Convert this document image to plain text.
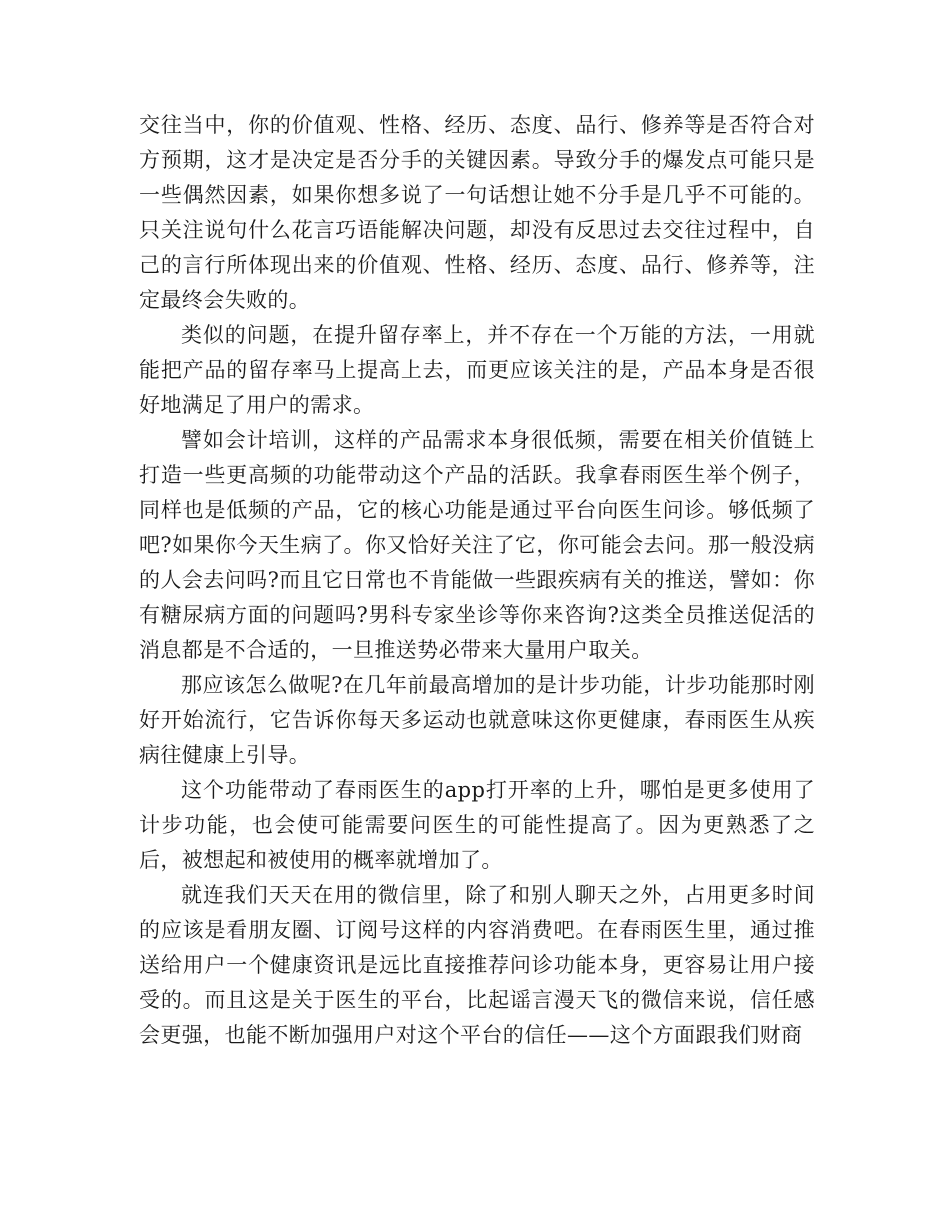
交往当中，你的价值观、性格、经历、态度、品行、修养等是否符合对方预期，这才是决定是否分手的关键因素。导致分手的爆发点可能只是一些偶然因素，如果你想多说了一句话想让她不分手是几乎不可能的。只关注说句什么花言巧语能解决问题，却没有反思过去交往过程中，自己的言行所体现出来的价值观、性格、经历、态度、品行、修养等，注定最终会失败的。

类似的问题，在提升留存率上，并不存在一个万能的方法，一用就能把产品的留存率马上提高上去，而更应该关注的是，产品本身是否很好地满足了用户的需求。

譬如会计培训，这样的产品需求本身很低频，需要在相关价值链上打造一些更高频的功能带动这个产品的活跃。我拿春雨医生举个例子，同样也是低频的产品，它的核心功能是通过平台向医生问诊。够低频了吧?如果你今天生病了。你又恰好关注了它，你可能会去问。那一般没病的人会去问吗?而且它日常也不肯能做一些跟疾病有关的推送，譬如：你有糖尿病方面的问题吗?男科专家坐诊等你来咨询?这类全员推送促活的消息都是不合适的，一旦推送势必带来大量用户取关。

那应该怎么做呢?在几年前最高增加的是计步功能，计步功能那时刚好开始流行，它告诉你每天多运动也就意味这你更健康，春雨医生从疾病往健康上引导。

这个功能带动了春雨医生的app打开率的上升，哪怕是更多使用了计步功能，也会使可能需要问医生的可能性提高了。因为更熟悉了之后，被想起和被使用的概率就增加了。

就连我们天天在用的微信里，除了和别人聊天之外，占用更多时间的应该是看朋友圈、订阅号这样的内容消费吧。在春雨医生里，通过推送给用户一个健康资讯是远比直接推荐问诊功能本身，更容易让用户接受的。而且这是关于医生的平台，比起谣言漫天飞的微信来说，信任感会更强，也能不断加强用户对这个平台的信任——这个方面跟我们财商
